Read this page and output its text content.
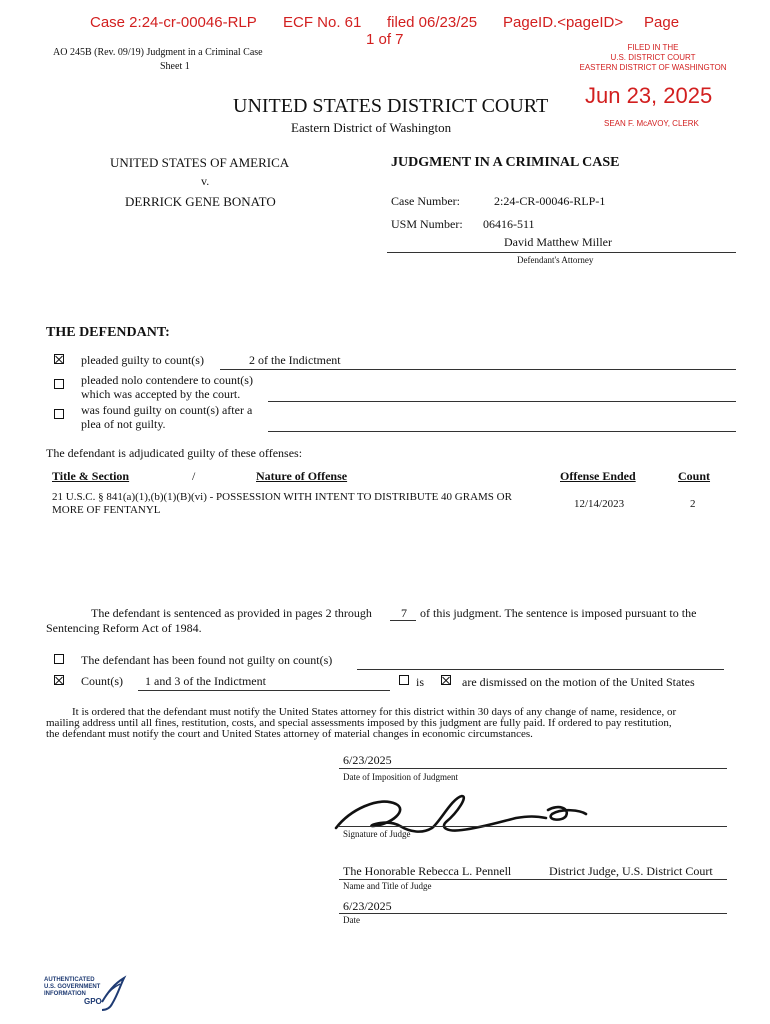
Case 2:24-cr-00046-RLP ECF No. 61 filed 06/23/25 PageID.<pageID> Page
1 of 7
AO 245B (Rev. 09/19) Judgment in a Criminal Case
Sheet 1
FILED IN THE
U.S. DISTRICT COURT
EASTERN DISTRICT OF WASHINGTON
Jun 23, 2025
SEAN F. McAVOY, CLERK
UNITED STATES DISTRICT COURT
Eastern District of Washington
UNITED STATES OF AMERICA
v.
DERRICK GENE BONATO
JUDGMENT IN A CRIMINAL CASE
Case Number:	2:24-CR-00046-RLP-1
USM Number: 06416-511
David Matthew Miller
Defendant's Attorney
THE DEFENDANT:
pleaded guilty to count(s)	2 of the Indictment
pleaded nolo contendere to count(s)
which was accepted by the court.
was found guilty on count(s) after a
plea of not guilty.
The defendant is adjudicated guilty of these offenses:
Title & Section	/	Nature of Offense	Offense Ended	Count
21 U.S.C. § 841(a)(1),(b)(1)(B)(vi) - POSSESSION WITH INTENT TO DISTRIBUTE 40 GRAMS OR
MORE OF FENTANYL	12/14/2023	2
The defendant is sentenced as provided in pages 2 through 7 of this judgment. The sentence is imposed pursuant to the
Sentencing Reform Act of 1984.
The defendant has been found not guilty on count(s)
Count(s) 1 and 3 of the Indictment	is	are dismissed on the motion of the United States
It is ordered that the defendant must notify the United States attorney for this district within 30 days of any change of name, residence, or
mailing address until all fines, restitution, costs, and special assessments imposed by this judgment are fully paid. If ordered to pay restitution,
the defendant must notify the court and United States attorney of material changes in economic circumstances.
6/23/2025
Date of Imposition of Judgment
Signature of Judge
The Honorable Rebecca L. Pennell	District Judge, U.S. District Court
Name and Title of Judge
6/23/2025
Date
AUTHENTICATED
U.S. GOVERNMENT
INFORMATION
GPO
